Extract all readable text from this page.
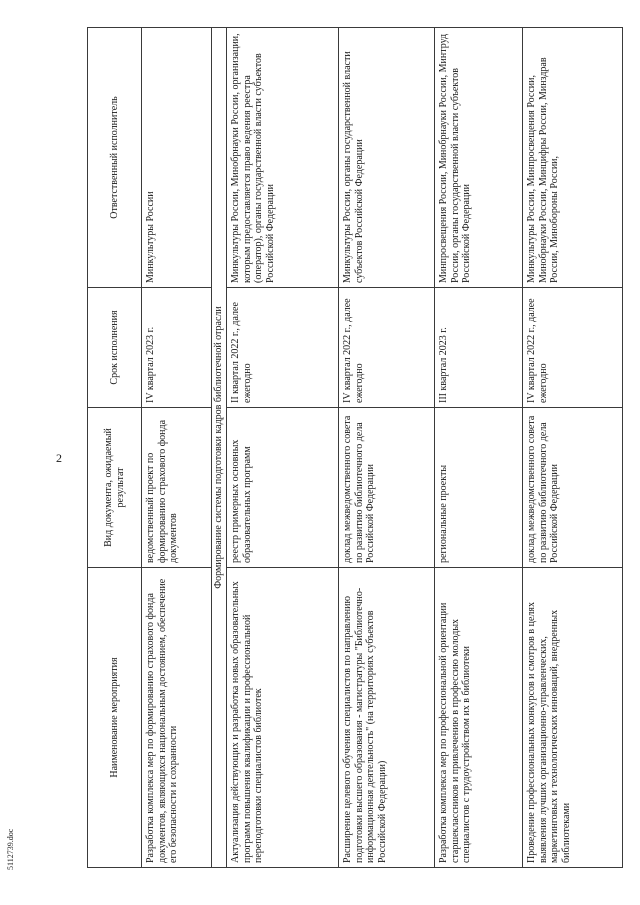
2
5112739.doc
Наименование мероприятия	Вид документа, ожидаемый результат	Срок исполнения	Ответственный исполнитель
Разработка комплекса мер по формированию страхового фонда документов, являющихся национальным достоянием, обеспечение его безопасности и сохранности	ведомственный проект по формированию страхового фонда документов	IV квартал 2023 г.	Минкультуры России
Формирование системы подготовки кадров библиотечной отрасли			
Актуализация действующих и разработка новых образовательных программ повышения квалификации и профессиональной переподготовки специалистов библиотек	реестр примерных основных образовательных программ	II квартал 2022 г., далее ежегодно	Минкультуры России, Минобрнауки России, организации, которым предоставляется право ведения реестра (оператор), органы государственной власти субъектов Российской Федерации
Расширение целевого обучения специалистов по направлению подготовки высшего образования - магистратуры "Библиотечно-информационная деятельность" (на территориях субъектов Российской Федерации)	доклад межведомственного совета по развитию библиотечного дела Российской Федерации	IV квартал 2022 г., далее ежегодно	Минкультуры России, органы государственной власти субъектов Российской Федерации
Разработка комплекса мер по профессиональной ориентации старшеклассников и привлечению в профессию молодых специалистов с трудоустройством их в библиотеки	региональные проекты	III квартал 2023 г.	Минпросвещения России, Минобрнауки России, Минтруд России, органы государственной власти субъектов Российской Федерации
Проведение профессиональных конкурсов и смотров в целях выявления лучших организационно-управленческих, маркетинговых и технологических инноваций, внедренных библиотеками	доклад межведомственного совета по развитию библиотечного дела Российской Федерации	IV квартал 2022 г., далее ежегодно	Минкультуры России, Минпросвещения России, Минобрнауки России, Минцифры России, Минздрав России, Минобороны России,
